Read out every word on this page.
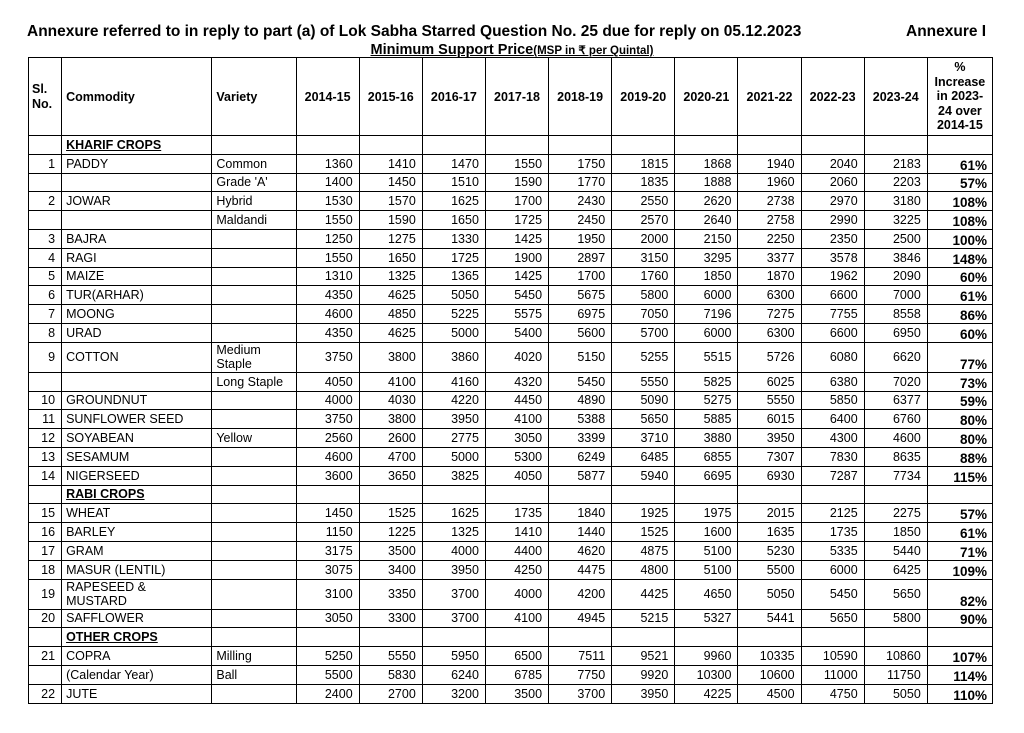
Annexure referred to in reply to part (a) of Lok Sabha Starred Question No. 25 due for reply on 05.12.2023	Annexure I
Minimum Support Price(MSP in ₹ per Quintal)
Sl. No.	Commodity	Variety	2014-15	2015-16	2016-17	2017-18	2018-19	2019-20	2020-21	2021-22	2022-23	2023-24	% Increase in 2023-24 over 2014-15
	KHARIF CROPS												
1	PADDY	Common	1360	1410	1470	1550	1750	1815	1868	1940	2040	2183	61%
		Grade 'A'	1400	1450	1510	1590	1770	1835	1888	1960	2060	2203	57%
2	JOWAR	Hybrid	1530	1570	1625	1700	2430	2550	2620	2738	2970	3180	108%
		Maldandi	1550	1590	1650	1725	2450	2570	2640	2758	2990	3225	108%
3	BAJRA		1250	1275	1330	1425	1950	2000	2150	2250	2350	2500	100%
4	RAGI		1550	1650	1725	1900	2897	3150	3295	3377	3578	3846	148%
5	MAIZE		1310	1325	1365	1425	1700	1760	1850	1870	1962	2090	60%
6	TUR(ARHAR)		4350	4625	5050	5450	5675	5800	6000	6300	6600	7000	61%
7	MOONG		4600	4850	5225	5575	6975	7050	7196	7275	7755	8558	86%
8	URAD		4350	4625	5000	5400	5600	5700	6000	6300	6600	6950	60%
9	COTTON	Medium Staple	3750	3800	3860	4020	5150	5255	5515	5726	6080	6620	77%
		Long Staple	4050	4100	4160	4320	5450	5550	5825	6025	6380	7020	73%
10	GROUNDNUT		4000	4030	4220	4450	4890	5090	5275	5550	5850	6377	59%
11	SUNFLOWER SEED		3750	3800	3950	4100	5388	5650	5885	6015	6400	6760	80%
12	SOYABEAN	Yellow	2560	2600	2775	3050	3399	3710	3880	3950	4300	4600	80%
13	SESAMUM		4600	4700	5000	5300	6249	6485	6855	7307	7830	8635	88%
14	NIGERSEED		3600	3650	3825	4050	5877	5940	6695	6930	7287	7734	115%
	RABI CROPS												
15	WHEAT		1450	1525	1625	1735	1840	1925	1975	2015	2125	2275	57%
16	BARLEY		1150	1225	1325	1410	1440	1525	1600	1635	1735	1850	61%
17	GRAM		3175	3500	4000	4400	4620	4875	5100	5230	5335	5440	71%
18	MASUR (LENTIL)		3075	3400	3950	4250	4475	4800	5100	5500	6000	6425	109%
19	RAPESEED & MUSTARD		3100	3350	3700	4000	4200	4425	4650	5050	5450	5650	82%
20	SAFFLOWER		3050	3300	3700	4100	4945	5215	5327	5441	5650	5800	90%
	OTHER CROPS												
21	COPRA	Milling	5250	5550	5950	6500	7511	9521	9960	10335	10590	10860	107%
	(Calendar Year)	Ball	5500	5830	6240	6785	7750	9920	10300	10600	11000	11750	114%
22	JUTE		2400	2700	3200	3500	3700	3950	4225	4500	4750	5050	110%
